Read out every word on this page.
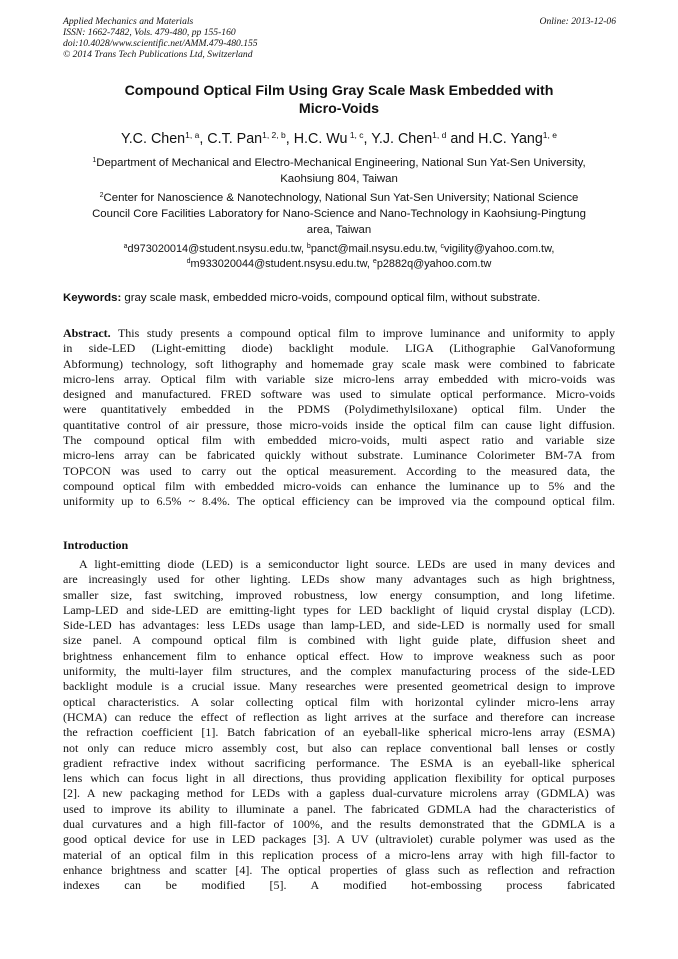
Applied Mechanics and Materials
ISSN: 1662-7482, Vols. 479-480, pp 155-160
doi:10.4028/www.scientific.net/AMM.479-480.155
© 2014 Trans Tech Publications Ltd, Switzerland
Online: 2013-12-06
Compound Optical Film Using Gray Scale Mask Embedded with
Micro-Voids
Y.C. Chen$^{1, a}$, C.T. Pan$^{1, 2, b}$, H.C. Wu $^{1, c}$, Y.J. Chen$^{1, d}$ and H.C. Yang$^{1, e}$
$^1$Department of Mechanical and Electro-Mechanical Engineering, National Sun Yat-Sen University,
Kaohsiung 804, Taiwan
$^2$Center for Nanoscience & Nanotechnology, National Sun Yat-Sen University; National Science
Council Core Facilities Laboratory for Nano-Science and Nano-Technology in Kaohsiung-Pingtung
area, Taiwan
$^a$d973020014@student.nsysu.edu.tw, $^b$panct@mail.nsysu.edu.tw, $^c$vigility@yahoo.com.tw,
$^d$m933020044@student.nsysu.edu.tw, $^e$p2882q@yahoo.com.tw
Keywords: gray scale mask, embedded micro-voids, compound optical film, without substrate.
Abstract. This study presents a compound optical film to improve luminance and uniformity to apply
in side-LED (Light-emitting diode) backlight module. LIGA (Lithographie GalVanoformung
Abformung) technology, soft lithography and homemade gray scale mask were combined to fabricate
micro-lens array. Optical film with variable size micro-lens array embedded with micro-voids was
designed and manufactured. FRED software was used to simulate optical performance. Micro-voids
were quantitatively embedded in the PDMS (Polydimethylsiloxane) optical film. Under the
quantitative control of air pressure, those micro-voids inside the optical film can cause light diffusion.
The compound optical film with embedded micro-voids, multi aspect ratio and variable size
micro-lens array can be fabricated quickly without substrate. Luminance Colorimeter BM-7A from
TOPCON was used to carry out the optical measurement. According to the measured data, the
compound optical film with embedded micro-voids can enhance the luminance up to 5% and the
uniformity up to 6.5% ~ 8.4%. The optical efficiency can be improved via the compound optical film.
Introduction
A light-emitting diode (LED) is a semiconductor light source. LEDs are used in many devices and
are increasingly used for other lighting. LEDs show many advantages such as high brightness,
smaller size, fast switching, improved robustness, low energy consumption, and long lifetime.
Lamp-LED and side-LED are emitting-light types for LED backlight of liquid crystal display (LCD).
Side-LED has advantages: less LEDs usage than lamp-LED, and side-LED is normally used for small
size panel. A compound optical film is combined with light guide plate, diffusion sheet and
brightness enhancement film to enhance optical effect. How to improve weakness such as poor
uniformity, the multi-layer film structures, and the complex manufacturing process of the side-LED
backlight module is a crucial issue. Many researches were presented geometrical design to improve
optical characteristics. A solar collecting optical film with horizontal cylinder micro-lens array
(HCMA) can reduce the effect of reflection as light arrives at the surface and therefore can increase
the refraction coefficient [1]. Batch fabrication of an eyeball-like spherical micro-lens array (ESMA)
not only can reduce micro assembly cost, but also can replace conventional ball lenses or costly
gradient refractive index without sacrificing performance. The ESMA is an eyeball-like spherical
lens which can focus light in all directions, thus providing application flexibility for optical purposes
[2]. A new packaging method for LEDs with a gapless dual-curvature microlens array (GDMLA) was
used to improve its ability to illuminate a panel. The fabricated GDMLA had the characteristics of
dual curvatures and a high fill-factor of 100%, and the results demonstrated that the GDMLA is a
good optical device for use in LED packages [3]. A UV (ultraviolet) curable polymer was used as the
material of an optical film in this replication process of a micro-lens array with high fill-factor to
enhance brightness and scatter [4]. The optical properties of glass such as reflection and refraction
indexes can be modified [5]. A modified hot-embossing process fabricated
